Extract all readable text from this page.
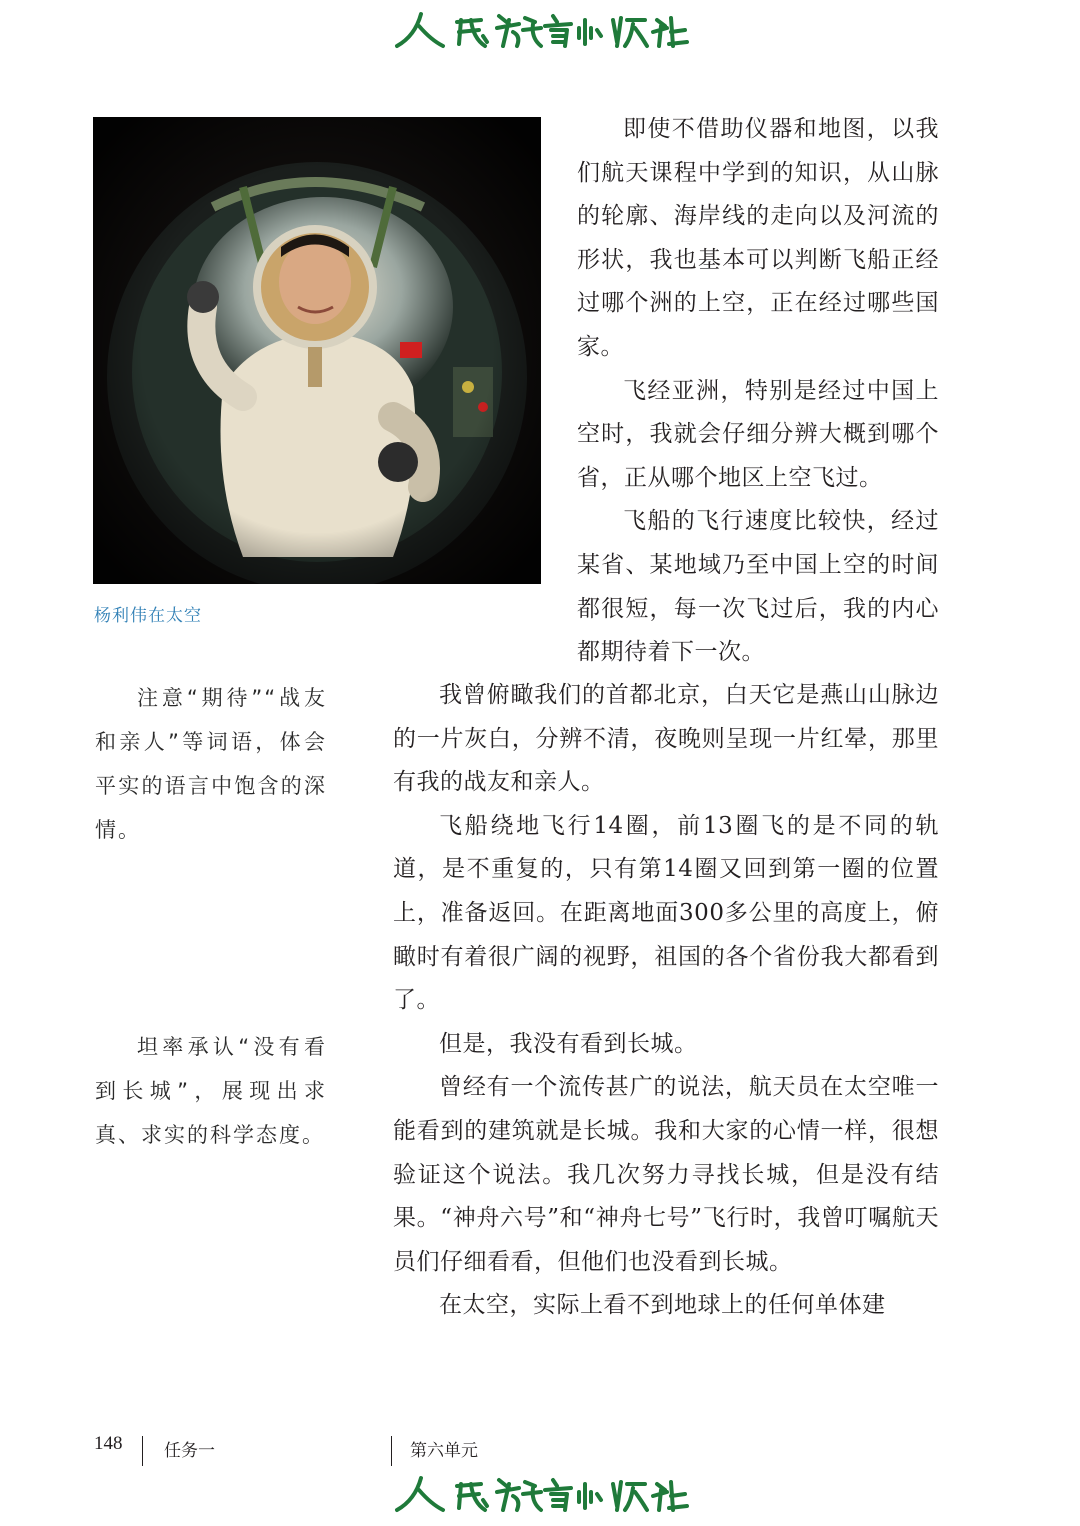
杨利伟在太空

注意“期待”“战友和亲人”等词语，体会平实的语言中饱含的深情。

坦率承认“没有看到长城”，展现出求真、求实的科学态度。

即使不借助仪器和地图，以我们航天课程中学到的知识，从山脉的轮廓、海岸线的走向以及河流的形状，我也基本可以判断飞船正经过哪个洲的上空，正在经过哪些国家。

飞经亚洲，特别是经过中国上空时，我就会仔细分辨大概到哪个省，正从哪个地区上空飞过。

飞船的飞行速度比较快，经过某省、某地域乃至中国上空的时间都很短，每一次飞过后，我的内心都期待着下一次。

我曾俯瞰我们的首都北京，白天它是燕山山脉边的一片灰白，分辨不清，夜晚则呈现一片红晕，那里有我的战友和亲人。

飞船绕地飞行14圈，前13圈飞的是不同的轨道，是不重复的，只有第14圈又回到第一圈的位置上，准备返回。在距离地面300多公里的高度上，俯瞰时有着很广阔的视野，祖国的各个省份我大都看到了。

但是，我没有看到长城。

曾经有一个流传甚广的说法，航天员在太空唯一能看到的建筑就是长城。我和大家的心情一样，很想验证这个说法。我几次努力寻找长城，但是没有结果。“神舟六号”和“神舟七号”飞行时，我曾叮嘱航天员们仔细看看，但他们也没看到长城。

在太空，实际上看不到地球上的任何单体建

148 任务一	第六单元
